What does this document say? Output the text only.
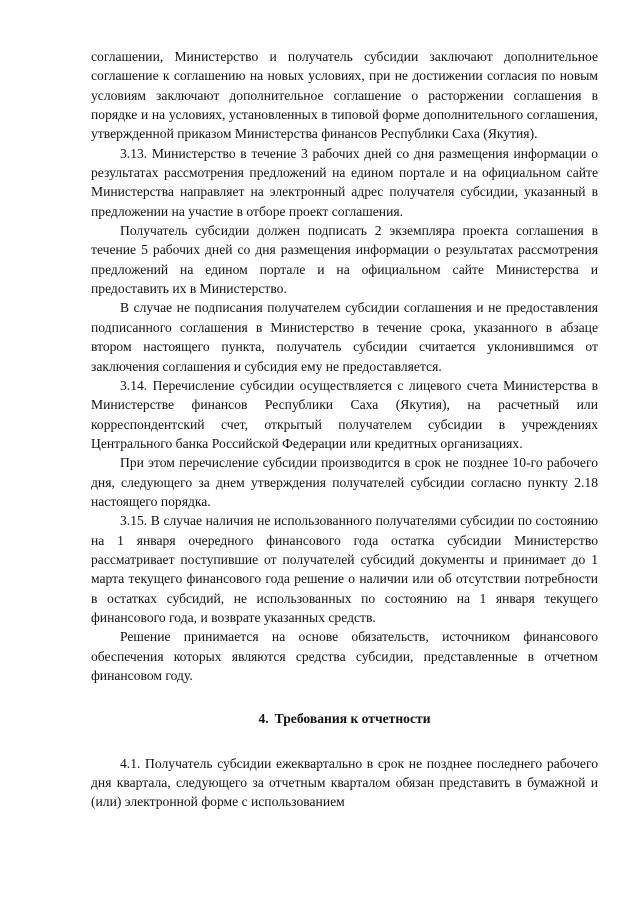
соглашении, Министерство и получатель субсидии заключают дополнительное соглашение к соглашению на новых условиях, при не достижении согласия по новым условиям заключают дополнительное соглашение о расторжении соглашения в порядке и на условиях, установленных в типовой форме дополнительного соглашения, утвержденной приказом Министерства финансов Республики Саха (Якутия).

3.13. Министерство в течение 3 рабочих дней со дня размещения информации о результатах рассмотрения предложений на едином портале и на официальном сайте Министерства направляет на электронный адрес получателя субсидии, указанный в предложении на участие в отборе проект соглашения.

Получатель субсидии должен подписать 2 экземпляра проекта соглашения в течение 5 рабочих дней со дня размещения информации о результатах рассмотрения предложений на едином портале и на официальном сайте Министерства и предоставить их в Министерство.

В случае не подписания получателем субсидии соглашения и не предоставления подписанного соглашения в Министерство в течение срока, указанного в абзаце втором настоящего пункта, получатель субсидии считается уклонившимся от заключения соглашения и субсидия ему не предоставляется.

3.14. Перечисление субсидии осуществляется с лицевого счета Министерства в Министерстве финансов Республики Саха (Якутия), на расчетный или корреспондентский счет, открытый получателем субсидии в учреждениях Центрального банка Российской Федерации или кредитных организациях.

При этом перечисление субсидии производится в срок не позднее 10-го рабочего дня, следующего за днем утверждения получателей субсидии согласно пункту 2.18 настоящего порядка.

3.15. В случае наличия не использованного получателями субсидии по состоянию на 1 января очередного финансового года остатка субсидии Министерство рассматривает поступившие от получателей субсидий документы и принимает до 1 марта текущего финансового года решение о наличии или об отсутствии потребности в остатках субсидий, не использованных по состоянию на 1 января текущего финансового года, и возврате указанных средств.

Решение принимается на основе обязательств, источником финансового обеспечения которых являются средства субсидии, представленные в отчетном финансовом году.

4. Требования к отчетности

4.1. Получатель субсидии ежеквартально в срок не позднее последнего рабочего дня квартала, следующего за отчетным кварталом обязан представить в бумажной и (или) электронной форме с использованием
